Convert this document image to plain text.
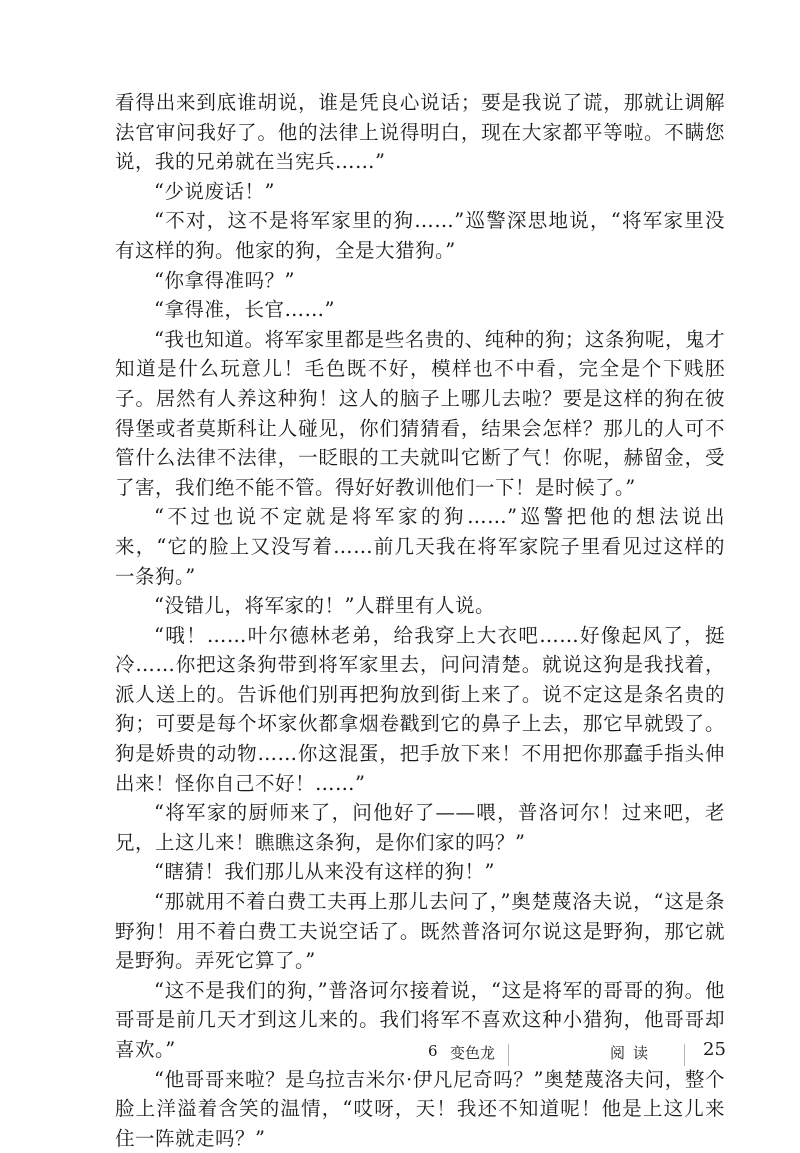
看得出来到底谁胡说，谁是凭良心说话；要是我说了谎，那就让调解法官审问我好了。他的法律上说得明白，现在大家都平等啦。不瞒您说，我的兄弟就在当宪兵……”

“少说废话！”

“不对，这不是将军家里的狗……”巡警深思地说，“将军家里没有这样的狗。他家的狗，全是大猎狗。”

“你拿得准吗？”

“拿得准，长官……”

“我也知道。将军家里都是些名贵的、纯种的狗；这条狗呢，鬼才知道是什么玩意儿！毛色既不好，模样也不中看，完全是个下贱胚子。居然有人养这种狗！这人的脑子上哪儿去啦？要是这样的狗在彼得堡或者莫斯科让人碰见，你们猜猜看，结果会怎样？那儿的人可不管什么法律不法律，一眨眼的工夫就叫它断了气！你呢，赫留金，受了害，我们绝不能不管。得好好教训他们一下！是时候了。”

“不过也说不定就是将军家的狗……”巡警把他的想法说出来，“它的脸上又没写着……前几天我在将军家院子里看见过这样的一条狗。”

“没错儿，将军家的！”人群里有人说。

“哦！……叶尔德林老弟，给我穿上大衣吧……好像起风了，挺冷……你把这条狗带到将军家里去，问问清楚。就说这狗是我找着，派人送上的。告诉他们别再把狗放到街上来了。说不定这是条名贵的狗；可要是每个坏家伙都拿烟卷戳到它的鼻子上去，那它早就毁了。狗是娇贵的动物……你这混蛋，把手放下来！不用把你那蠢手指头伸出来！怪你自己不好！……”

“将军家的厨师来了，问他好了——喂，普洛诃尔！过来吧，老兄，上这儿来！瞧瞧这条狗，是你们家的吗？”

“瞎猜！我们那儿从来没有这样的狗！”

“那就用不着白费工夫再上那儿去问了，”奥楚蔑洛夫说，“这是条野狗！用不着白费工夫说空话了。既然普洛诃尔说这是野狗，那它就是野狗。弄死它算了。”

“这不是我们的狗，”普洛诃尔接着说，“这是将军的哥哥的狗。他哥哥是前几天才到这儿来的。我们将军不喜欢这种小猎狗，他哥哥却喜欢。”

“他哥哥来啦？是乌拉吉米尔·伊凡尼奇吗？”奥楚蔑洛夫问，整个脸上洋溢着含笑的温情，“哎呀，天！我还不知道呢！他是上这儿来住一阵就走吗？”

6 变色龙	阅读	25
